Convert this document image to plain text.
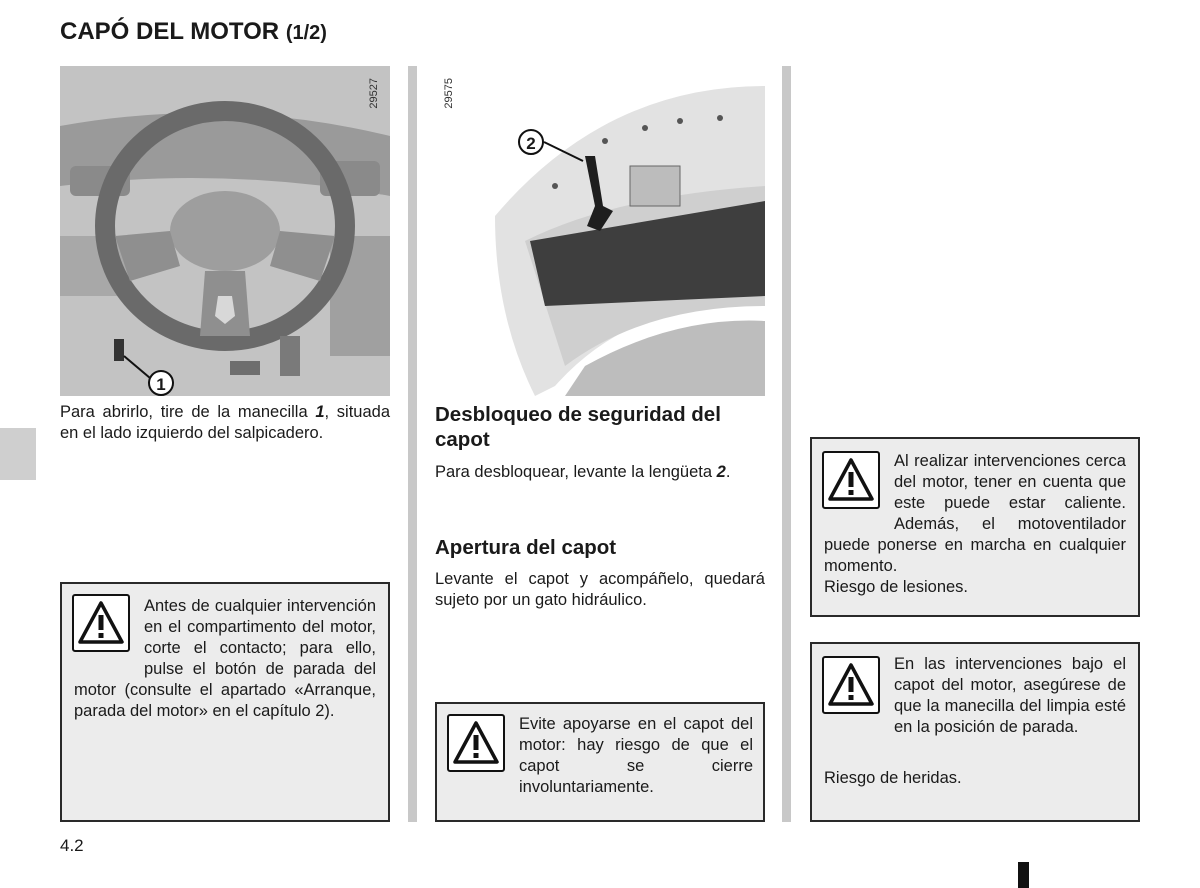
CAPÓ DEL MOTOR (1/2)
29527
1
29575
2
Para abrirlo, tire de la manecilla 1, situada en el lado izquierdo del salpicadero.
Antes de cualquier intervención en el compartimento del motor, corte el contacto; para ello, pulse el botón de parada del motor (consulte el apartado «Arranque, parada del motor» en el capítulo 2).
Desbloqueo de seguridad del capot
Para desbloquear, levante la lengüeta 2.
Apertura del capot
Levante el capot y acompáñelo, quedará sujeto por un gato hidráulico.
Evite apoyarse en el capot del motor: hay riesgo de que el capot se cierre involuntariamente.
Al realizar intervenciones cerca del motor, tener en cuenta que este puede estar caliente. Además, el motoventilador puede ponerse en marcha en cualquier momento.
Riesgo de lesiones.
En las intervenciones bajo el capot del motor, asegúrese de que la manecilla del limpia esté en la posición de parada.
Riesgo de heridas.
4.2
